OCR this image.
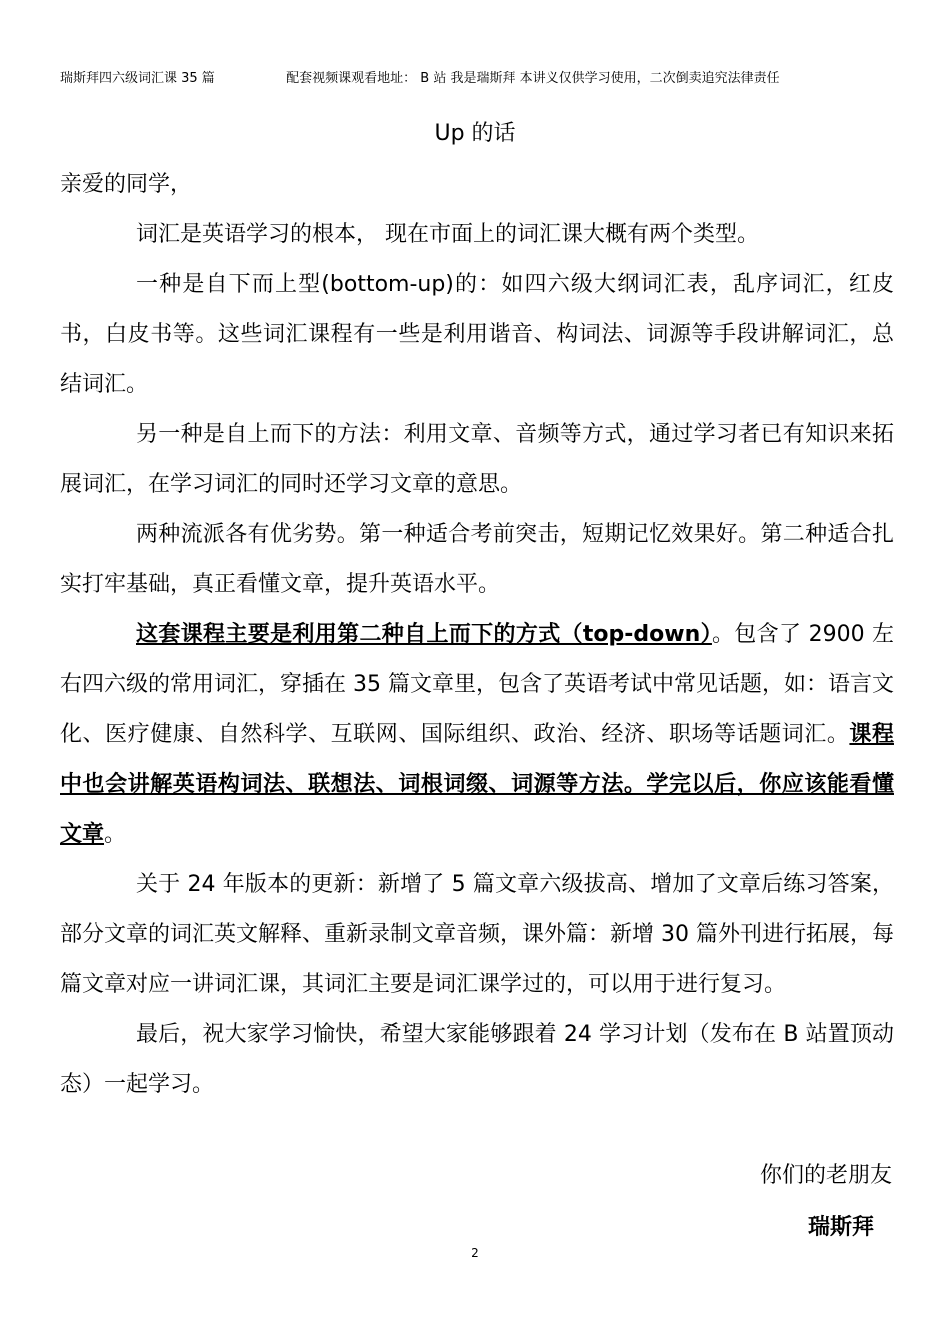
瑞斯拜四六级词汇课 35 篇	配套视频课观看地址： B 站 我是瑞斯拜 本讲义仅供学习使用，二次倒卖追究法律责任
Up 的话

亲爱的同学，

词汇是英语学习的根本， 现在市面上的词汇课大概有两个类型。

一种是自下而上型(bottom-up)的：如四六级大纲词汇表，乱序词汇，红皮书，白皮书等。这些词汇课程有一些是利用谐音、构词法、词源等手段讲解词汇，总结词汇。

另一种是自上而下的方法：利用文章、音频等方式，通过学习者已有知识来拓展词汇，在学习词汇的同时还学习文章的意思。

两种流派各有优劣势。第一种适合考前突击，短期记忆效果好。第二种适合扎实打牢基础，真正看懂文章，提升英语水平。

这套课程主要是利用第二种自上而下的方式（top-down）。包含了 2900 左右四六级的常用词汇，穿插在 35 篇文章里，包含了英语考试中常见话题，如：语言文化、医疗健康、自然科学、互联网、国际组织、政治、经济、职场等话题词汇。课程中也会讲解英语构词法、联想法、词根词缀、词源等方法。学完以后，你应该能看懂文章。

关于 24 年版本的更新：新增了 5 篇文章六级拔高、增加了文章后练习答案，部分文章的词汇英文解释、重新录制文章音频，课外篇：新增 30 篇外刊进行拓展，每篇文章对应一讲词汇课，其词汇主要是词汇课学过的，可以用于进行复习。

最后，祝大家学习愉快，希望大家能够跟着 24 学习计划（发布在 B 站置顶动态）一起学习。

你们的老朋友
瑞斯拜
2
